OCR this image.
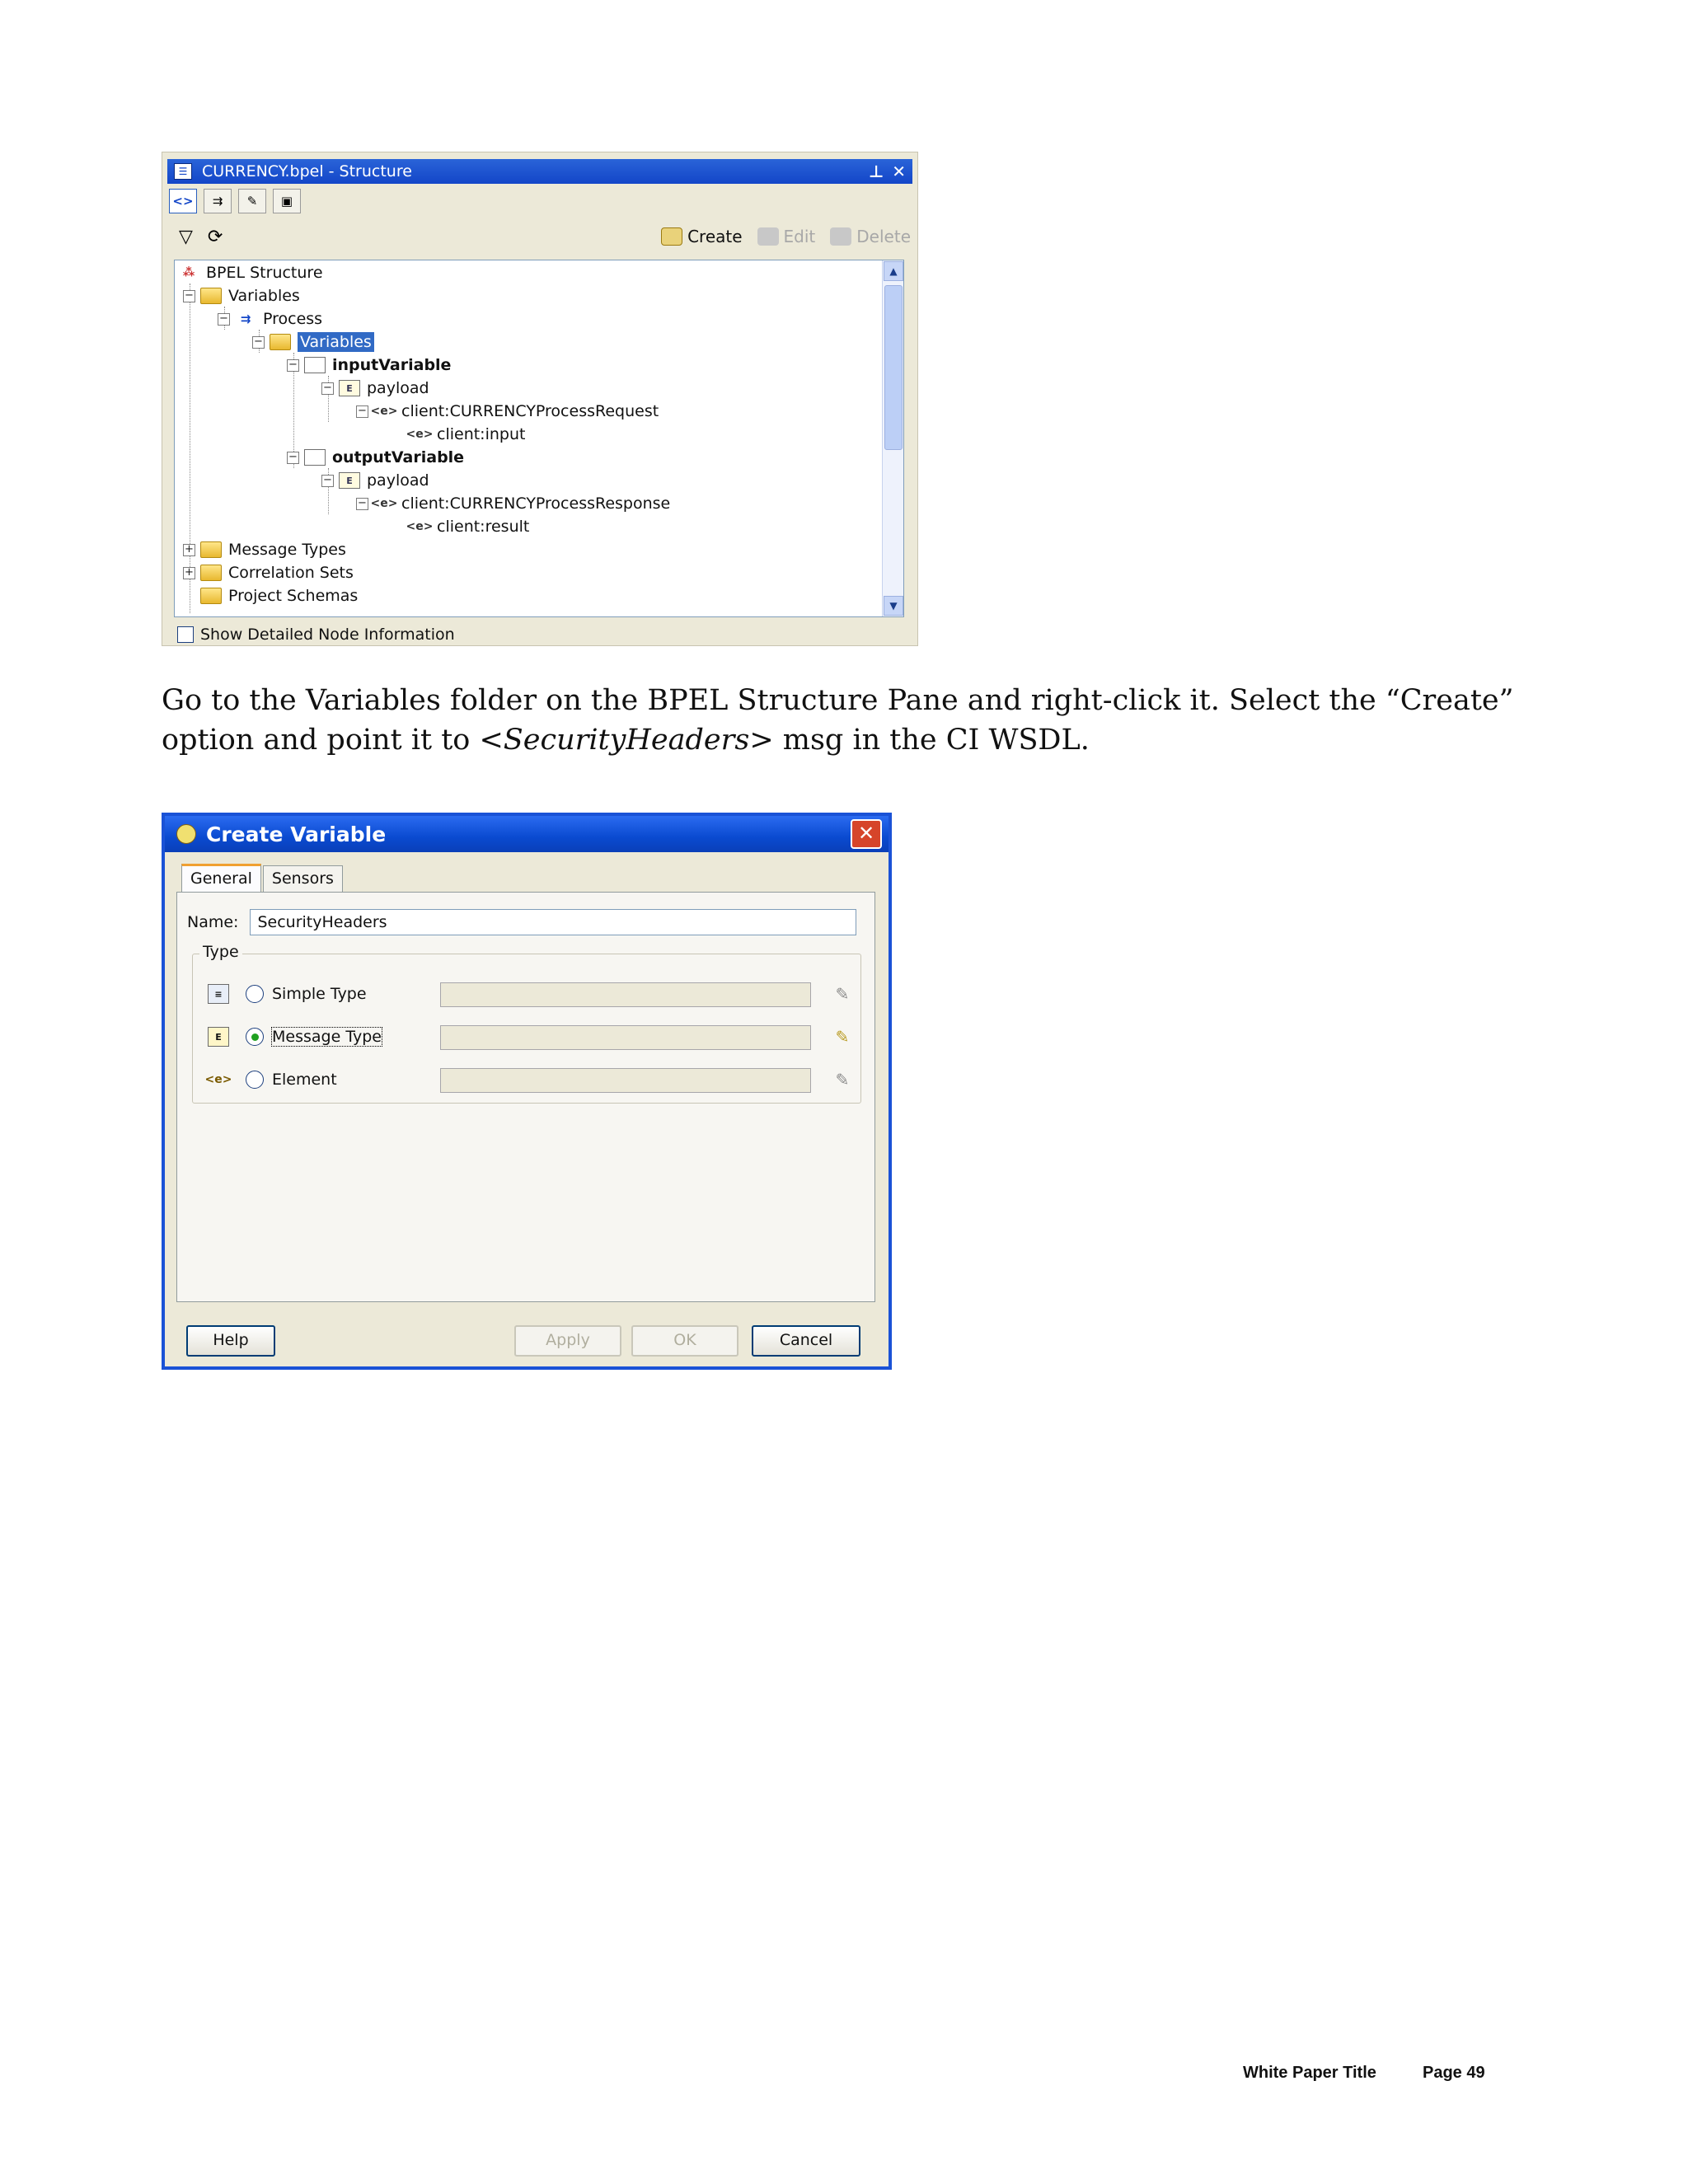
☰ CURRENCY.bpel - Structure	⊥ ✕
<>	⇉	✎	▣
▽ ⟳	Create	Edit	Delete
⁂ BPEL Structure
− Variables
− ⇉ Process
− Variables
− inputVariable
−	E payload
− <e> client:CURRENCYProcessRequest
<e> client:input
− outputVariable
−	E payload
− <e> client:CURRENCYProcessResponse
<e> client:result
+ Message Types
+ Correlation Sets
Project Schemas
▲
▼
Show Detailed Node Information

Go to the Variables folder on the BPEL Structure Pane and right-click it. Select the “Create” option and point it to <SecurityHeaders> msg in the CI WSDL.

Create Variable	✕
General	Sensors
Name:	SecurityHeaders
Type
≡	Simple Type	✎
E	Message Type	✎
<e>	Element	✎
Help	Apply	OK	Cancel
White Paper Title	Page 49
